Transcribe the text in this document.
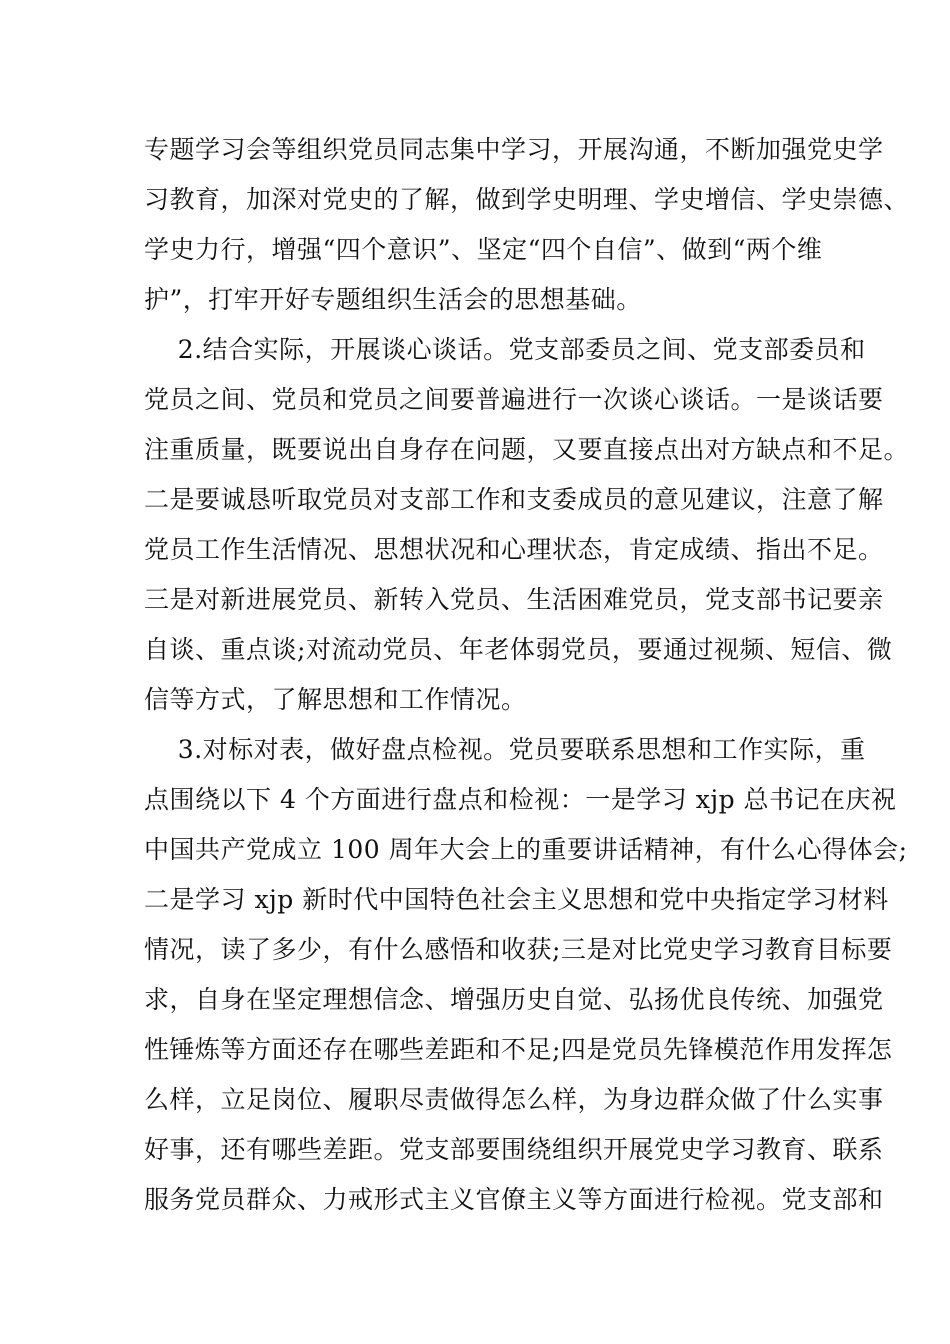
专题学习会等组织党员同志集中学习，开展沟通，不断加强党史学
习教育，加深对党史的了解，做到学史明理、学史增信、学史崇德、
学史力行，增强“四个意识”、坚定“四个自信”、做到“两个维
护”，打牢开好专题组织生活会的思想基础。
2.结合实际，开展谈心谈话。党支部委员之间、党支部委员和
党员之间、党员和党员之间要普遍进行一次谈心谈话。一是谈话要
注重质量，既要说出自身存在问题，又要直接点出对方缺点和不足。
二是要诚恳听取党员对支部工作和支委成员的意见建议，注意了解
党员工作生活情况、思想状况和心理状态，肯定成绩、指出不足。
三是对新进展党员、新转入党员、生活困难党员，党支部书记要亲
自谈、重点谈;对流动党员、年老体弱党员，要通过视频、短信、微
信等方式，了解思想和工作情况。
3.对标对表，做好盘点检视。党员要联系思想和工作实际，重
点围绕以下 4 个方面进行盘点和检视：一是学习 xjp 总书记在庆祝
中国共产党成立 100 周年大会上的重要讲话精神，有什么心得体会;
二是学习 xjp 新时代中国特色社会主义思想和党中央指定学习材料
情况，读了多少，有什么感悟和收获;三是对比党史学习教育目标要
求，自身在坚定理想信念、增强历史自觉、弘扬优良传统、加强党
性锤炼等方面还存在哪些差距和不足;四是党员先锋模范作用发挥怎
么样，立足岗位、履职尽责做得怎么样，为身边群众做了什么实事
好事，还有哪些差距。党支部要围绕组织开展党史学习教育、联系
服务党员群众、力戒形式主义官僚主义等方面进行检视。党支部和
